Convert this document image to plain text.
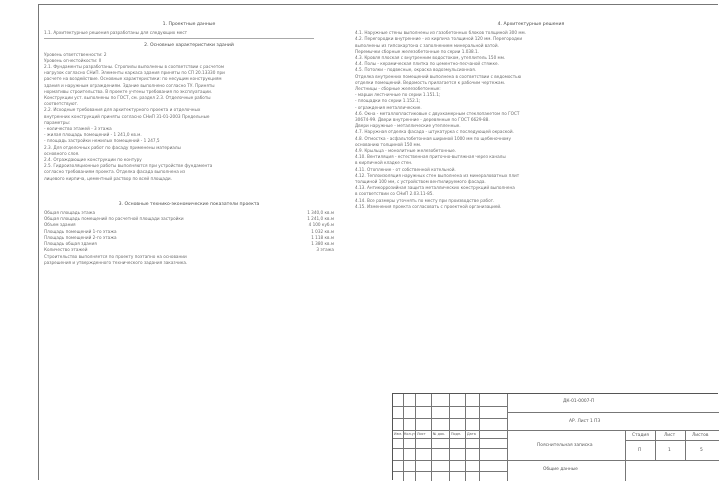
1. Проектные данные
1.1. Архитектурные решения разработаны для следующих мест
2. Основные характеристики зданий
Уровень ответственности: 2
Уровень огнестойкости: II
2.1. Фундаменты разработаны. Стропилы выполнены в соответствии с расчетом
нагрузок согласно СНиП. Элементы каркаса здания приняты по СП 20.13330 при
расчете на воздействие. Основные характеристики: по несущим конструкциям
здания и наружным ограждениям. Здание выполнено согласно ТУ. Приняты
нормативы строительства. В проекте учтены требования по эксплуатации.
Конструкции уст. выполнены по ГОСТ, см. раздел 2.3. Отделочные работы
соответствуют.
2.2. Исходные требования для архитектурного проекта и отделочных
внутренних конструкций приняты согласно СНиП 31-01-2003 Предельные
параметры:
- количество этажей - 3 этажа
- жилая площадь помещений - 1 241,0 кв.м.
- площадь застройки нежилых помещений - 1 247,5
2.3. Для отделочных работ по фасаду применены материалы
основного слоя.
2.4. Ограждающие конструкции по контуру
2.5. Гидроизоляционные работы выполняются при устройстве фундамента
согласно требованиям проекта. Отделка фасада выполнена из
лицевого кирпича, цементный раствор по всей площади.
3. Основные технико-экономические показатели проекта
Общая площадь этажа	1 340,0 кв.м
Общая площадь помещений по расчетной площади застройки	1 241,0 кв.м
Объем здания	4 100 куб.м
Площадь помещений 1-го этажа	1 032 кв.м
Площадь помещений 2-го этажа	1 118 кв.м
Площадь общая здания	1 380 кв.м
Количество этажей	3 этажа
Строительство выполняется по проекту поэтапно на основании
разрешения и утвержденного технического задания заказчика.
4. Архитектурные решения
4.1. Наружные стены выполнены из газобетонных блоков толщиной 300 мм.
4.2. Перегородки внутренние - из кирпича толщиной 120 мм. Перегородки
выполнены из гипсокартона с заполнением минеральной ватой.
Перемычки сборные железобетонные по серии 1.038.1.
4.3. Кровля плоская с внутренним водостоком, утеплитель 150 мм.
4.4. Полы - керамическая плитка по цементно-песчаной стяжке.
4.5. Потолки - подвесные, окраска водоэмульсионная.
Отделка внутренних помещений выполнена в соответствии с ведомостью
отделки помещений. Ведомость прилагается к рабочим чертежам.
Лестницы - сборные железобетонные:
- марши лестничные по серии 1.151.1;
- площадки по серии 1.152.1;
- ограждения металлические.
4.6. Окна - металлопластиковые с двухкамерным стеклопакетом по ГОСТ
30674-99. Двери внутренние - деревянные по ГОСТ 6629-88.
Двери наружные - металлические утепленные.
4.7. Наружная отделка фасада - штукатурка с последующей окраской.
4.8. Отмостка - асфальтобетонная шириной 1000 мм по щебеночному
основанию толщиной 150 мм.
4.9. Крыльца - монолитные железобетонные.
4.10. Вентиляция - естественная приточно-вытяжная через каналы
в кирпичной кладке стен.
4.11. Отопление - от собственной котельной.
4.12. Теплоизоляция наружных стен выполнена из минераловатных плит
толщиной 100 мм, с устройством вентилируемого фасада.
4.13. Антикоррозийная защита металлических конструкций выполнена
в соответствии со СНиП 2.03.11-85.
4.14. Все размеры уточнять по месту при производстве работ.
4.15. Изменения проекта согласовать с проектной организацией.
ДК-01-0007-П
АР. Лист 1 ПЗ
Пояснительная записка
Общие данные
Стадия	Лист	Листов
П	1	5
Изм. Кол.уч Лист № док. Подп. Дата
